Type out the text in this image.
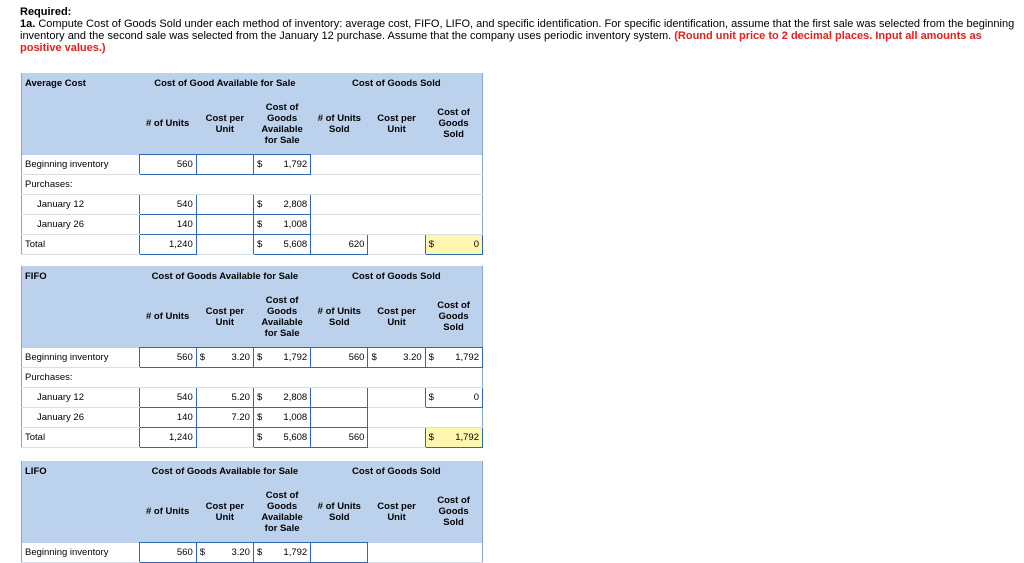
Required:
1a. Compute Cost of Goods Sold under each method of inventory: average cost, FIFO, LIFO, and specific identification. For specific identification, assume that the first sale was selected from the beginning inventory and the second sale was selected from the January 12 purchase. Assume that the company uses periodic inventory system. (Round unit price to 2 decimal places. Input all amounts as positive values.)
Average Cost	Cost of Good Available for Sale			Cost of Goods Sold		
	# of Units	Cost per Unit	Cost of Goods Available for Sale	# of Units Sold	Cost per Unit	Cost of Goods Sold
Beginning inventory	560		$ 1,792			

Purchases:						
January 12	540		$ 2,808			

January 26	140		$ 1,008			

Total	1,240		$ 5,608	620		$ 0
FIFO	Cost of Goods Available for Sale			Cost of Goods Sold		
	# of Units	Cost per Unit	Cost of Goods Available for Sale	# of Units Sold	Cost per Unit	Cost of Goods Sold
Beginning inventory	560	$ 3.20	$ 1,792	560	$ 3.20	$ 1,792

Purchases:						
January 12	540	5.20	$ 2,808			$ 0

January 26	140	7.20	$ 1,008			

Total	1,240		$ 5,608	560		$ 1,792
LIFO	Cost of Goods Available for Sale			Cost of Goods Sold		
	# of Units	Cost per Unit	Cost of Goods Available for Sale	# of Units Sold	Cost per Unit	Cost of Goods Sold
Beginning inventory	560	$ 3.20	$ 1,792			
